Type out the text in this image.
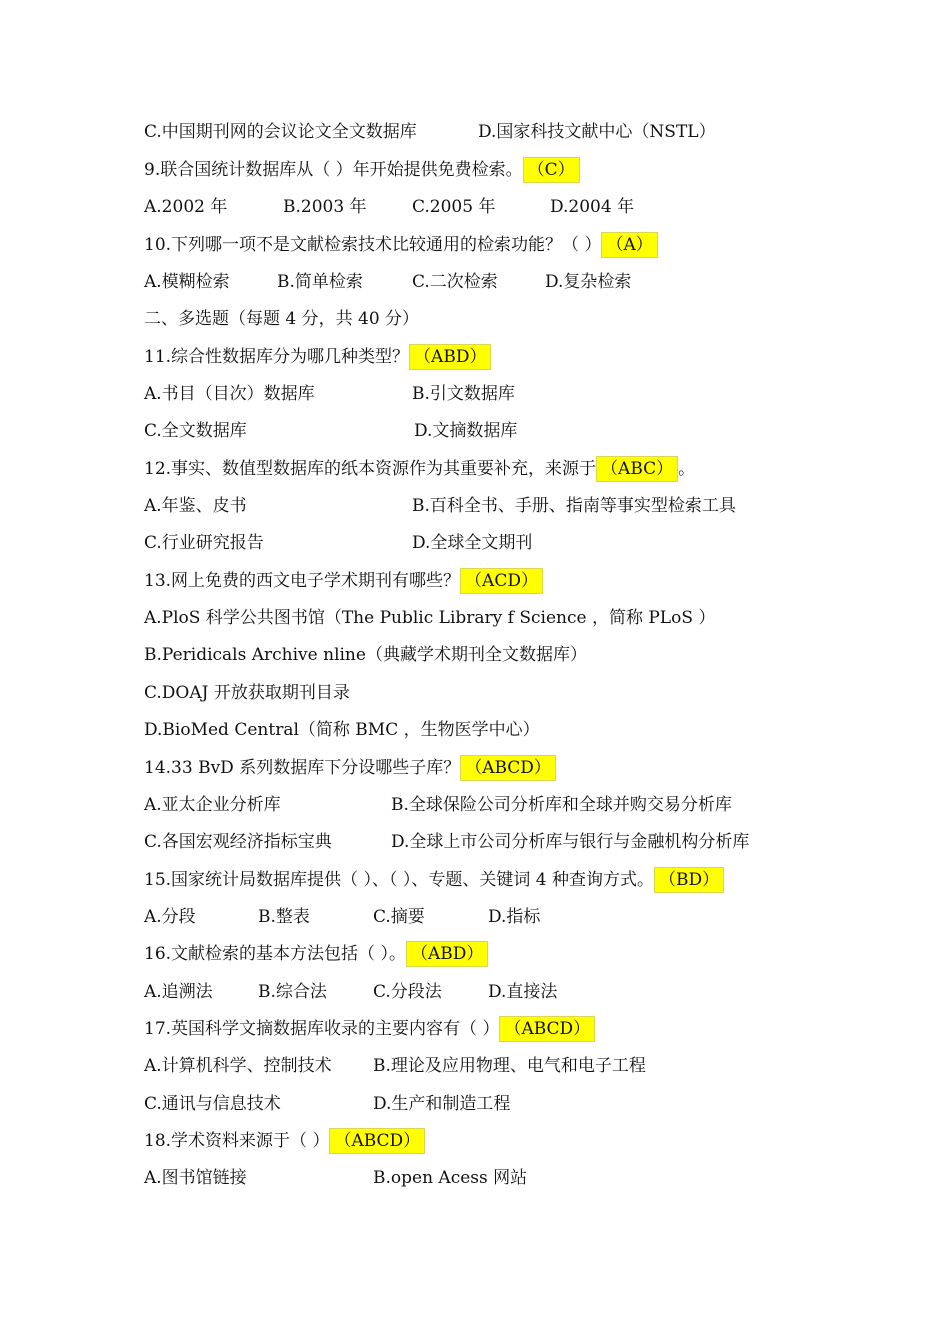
C.中国期刊网的会议论文全文数据库	D.国家科技文献中心（NSTL）
9.联合国统计数据库从（ ）年开始提供免费检索。 （C）
A.2002 年	B.2003 年	C.2005 年	D.2004 年
10.下列哪一项不是文献检索技术比较通用的检索功能？（ ） （A）
A.模糊检索	B.简单检索	C.二次检索	D.复杂检索
二、多选题（每题 4 分，共 40 分）
11.综合性数据库分为哪几种类型？ （ABD）
A.书目（目次）数据库	B.引文数据库
C.全文数据库	D.文摘数据库
12.事实、数值型数据库的纸本资源作为其重要补充，来源于 （ABC） 。
A.年鉴、皮书	B.百科全书、手册、指南等事实型检索工具
C.行业研究报告	D.全球全文期刊
13.网上免费的西文电子学术期刊有哪些？ （ACD）
A.PloS 科学公共图书馆（The Public Library f Science ，简称 PLoS ）
B.Peridicals Archive nline（典藏学术期刊全文数据库）
C.DOAJ 开放获取期刊目录
D.BioMed Central（简称 BMC ，生物医学中心）
14.33 BvD 系列数据库下分设哪些子库？ （ABCD）
A.亚太企业分析库	B.全球保险公司分析库和全球并购交易分析库
C.各国宏观经济指标宝典	D.全球上市公司分析库与银行与金融机构分析库
15.国家统计局数据库提供（ ）、（ ）、专题、关键词 4 种查询方式。 （BD）
A.分段	B.整表	C.摘要	D.指标
16.文献检索的基本方法包括（ ）。 （ABD）
A.追溯法	B.综合法	C.分段法	D.直接法
17.英国科学文摘数据库收录的主要内容有（ ） （ABCD）
A.计算机科学、控制技术 B.理论及应用物理、电气和电子工程
C.通讯与信息技术	D.生产和制造工程
18.学术资料来源于（ ） （ABCD）
A.图书馆链接	B.open Acess 网站
